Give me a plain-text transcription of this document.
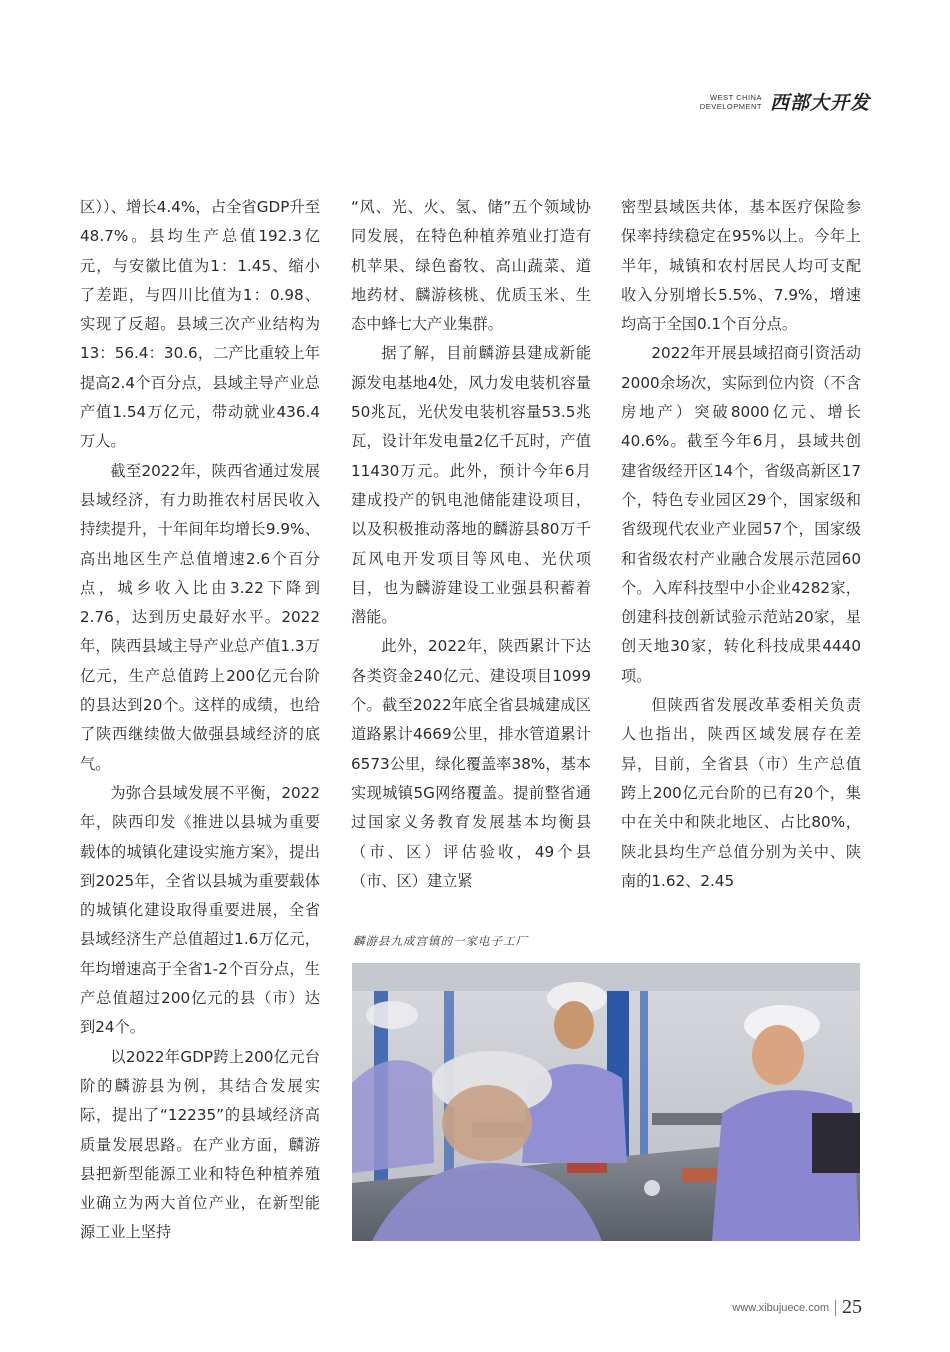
WEST CHINA
DEVELOPMENT 西部大开发

区））、增长4.4%，占全省GDP升至48.7%。县均生产总值192.3亿元，与安徽比值为1：1.45、缩小了差距，与四川比值为1：0.98、实现了反超。县域三次产业结构为13：56.4：30.6，二产比重较上年提高2.4个百分点，县域主导产业总产值1.54万亿元，带动就业436.4万人。

截至2022年，陕西省通过发展县域经济，有力助推农村居民收入持续提升，十年间年均增长9.9%、高出地区生产总值增速2.6个百分点，城乡收入比由3.22下降到2.76，达到历史最好水平。2022年，陕西县域主导产业总产值1.3万亿元，生产总值跨上200亿元台阶的县达到20个。这样的成绩，也给了陕西继续做大做强县域经济的底气。

为弥合县域发展不平衡，2022年，陕西印发《推进以县城为重要载体的城镇化建设实施方案》，提出到2025年，全省以县城为重要载体的城镇化建设取得重要进展，全省县域经济生产总值超过1.6万亿元，年均增速高于全省1-2个百分点，生产总值超过200亿元的县（市）达到24个。

以2022年GDP跨上200亿元台阶的麟游县为例，其结合发展实际，提出了“12235”的县域经济高质量发展思路。在产业方面，麟游县把新型能源工业和特色种植养殖业确立为两大首位产业，在新型能源工业上坚持

“风、光、火、氢、储”五个领域协同发展，在特色种植养殖业打造有机苹果、绿色畜牧、高山蔬菜、道地药材、麟游核桃、优质玉米、生态中蜂七大产业集群。

据了解，目前麟游县建成新能源发电基地4处，风力发电装机容量50兆瓦，光伏发电装机容量53.5兆瓦，设计年发电量2亿千瓦时，产值11430万元。此外，预计今年6月建成投产的钒电池储能建设项目，以及积极推动落地的麟游县80万千瓦风电开发项目等风电、光伏项目，也为麟游建设工业强县积蓄着潜能。

此外，2022年，陕西累计下达各类资金240亿元、建设项目1099个。截至2022年底全省县城建成区道路累计4669公里，排水管道累计6573公里，绿化覆盖率38%，基本实现城镇5G网络覆盖。提前整省通过国家义务教育发展基本均衡县（市、区）评估验收，49个县（市、区）建立紧

密型县域医共体，基本医疗保险参保率持续稳定在95%以上。今年上半年，城镇和农村居民人均可支配收入分别增长5.5%、7.9%，增速均高于全国0.1个百分点。

2022年开展县域招商引资活动2000余场次，实际到位内资（不含房地产）突破8000亿元、增长40.6%。截至今年6月，县域共创建省级经开区14个，省级高新区17个，特色专业园区29个，国家级和省级现代农业产业园57个，国家级和省级农村产业融合发展示范园60个。入库科技型中小企业4282家，创建科技创新试验示范站20家，星创天地30家，转化科技成果4440项。

但陕西省发展改革委相关负责人也指出，陕西区域发展存在差异，目前，全省县（市）生产总值跨上200亿元台阶的已有20个，集中在关中和陕北地区、占比80%，陕北县均生产总值分别为关中、陕南的1.62、2.45

麟游县九成宫镇的一家电子工厂
www.xibujuece.com 25
